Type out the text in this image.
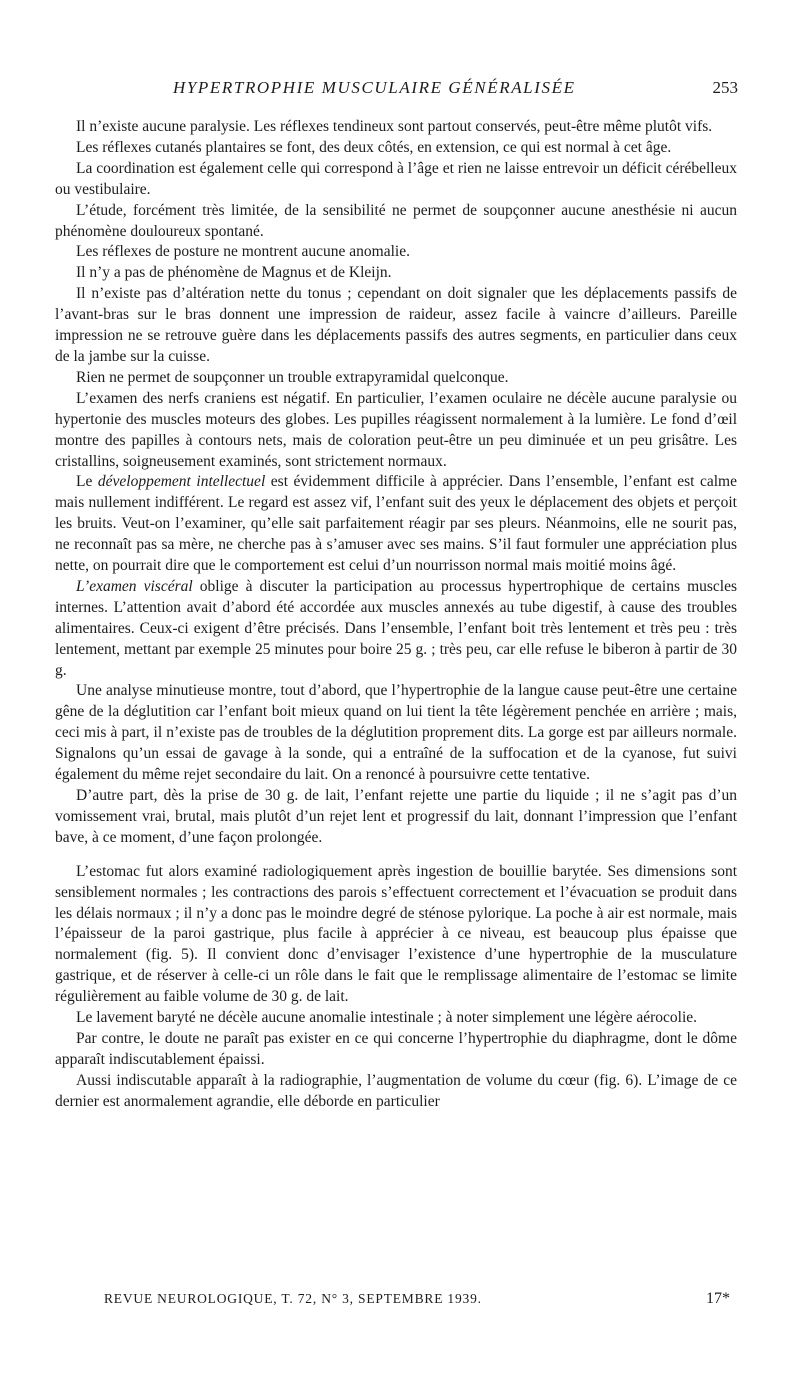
HYPERTROPHIE MUSCULAIRE GÉNÉRALISÉE	253

Il n’existe aucune paralysie. Les réflexes tendineux sont partout conservés, peut-être même plutôt vifs.

Les réflexes cutanés plantaires se font, des deux côtés, en extension, ce qui est normal à cet âge.

La coordination est également celle qui correspond à l’âge et rien ne laisse entrevoir un déficit cérébelleux ou vestibulaire.

L’étude, forcément très limitée, de la sensibilité ne permet de soupçonner aucune anesthésie ni aucun phénomène douloureux spontané.

Les réflexes de posture ne montrent aucune anomalie.

Il n’y a pas de phénomène de Magnus et de Kleijn.

Il n’existe pas d’altération nette du tonus ; cependant on doit signaler que les déplacements passifs de l’avant-bras sur le bras donnent une impression de raideur, assez facile à vaincre d’ailleurs. Pareille impression ne se retrouve guère dans les déplacements passifs des autres segments, en particulier dans ceux de la jambe sur la cuisse.

Rien ne permet de soupçonner un trouble extrapyramidal quelconque.

L’examen des nerfs craniens est négatif. En particulier, l’examen oculaire ne décèle aucune paralysie ou hypertonie des muscles moteurs des globes. Les pupilles réagissent normalement à la lumière. Le fond d’œil montre des papilles à contours nets, mais de coloration peut-être un peu diminuée et un peu grisâtre. Les cristallins, soigneusement examinés, sont strictement normaux.

Le développement intellectuel est évidemment difficile à apprécier. Dans l’ensemble, l’enfant est calme mais nullement indifférent. Le regard est assez vif, l’enfant suit des yeux le déplacement des objets et perçoit les bruits. Veut-on l’examiner, qu’elle sait parfaitement réagir par ses pleurs. Néanmoins, elle ne sourit pas, ne reconnaît pas sa mère, ne cherche pas à s’amuser avec ses mains. S’il faut formuler une appréciation plus nette, on pourrait dire que le comportement est celui d’un nourrisson normal mais moitié moins âgé.

L’examen viscéral oblige à discuter la participation au processus hypertrophique de certains muscles internes. L’attention avait d’abord été accordée aux muscles annexés au tube digestif, à cause des troubles alimentaires. Ceux-ci exigent d’être précisés. Dans l’ensemble, l’enfant boit très lentement et très peu : très lentement, mettant par exemple 25 minutes pour boire 25 g. ; très peu, car elle refuse le biberon à partir de 30 g.

Une analyse minutieuse montre, tout d’abord, que l’hypertrophie de la langue cause peut-être une certaine gêne de la déglutition car l’enfant boit mieux quand on lui tient la tête légèrement penchée en arrière ; mais, ceci mis à part, il n’existe pas de troubles de la déglutition proprement dits. La gorge est par ailleurs normale. Signalons qu’un essai de gavage à la sonde, qui a entraîné de la suffocation et de la cyanose, fut suivi également du même rejet secondaire du lait. On a renoncé à poursuivre cette tentative.

D’autre part, dès la prise de 30 g. de lait, l’enfant rejette une partie du liquide ; il ne s’agit pas d’un vomissement vrai, brutal, mais plutôt d’un rejet lent et progressif du lait, donnant l’impression que l’enfant bave, à ce moment, d’une façon prolongée.

L’estomac fut alors examiné radiologiquement après ingestion de bouillie barytée. Ses dimensions sont sensiblement normales ; les contractions des parois s’effectuent correctement et l’évacuation se produit dans les délais normaux ; il n’y a donc pas le moindre degré de sténose pylorique. La poche à air est normale, mais l’épaisseur de la paroi gastrique, plus facile à apprécier à ce niveau, est beaucoup plus épaisse que normalement (fig. 5). Il convient donc d’envisager l’existence d’une hypertrophie de la musculature gastrique, et de réserver à celle-ci un rôle dans le fait que le remplissage alimentaire de l’estomac se limite régulièrement au faible volume de 30 g. de lait.

Le lavement baryté ne décèle aucune anomalie intestinale ; à noter simplement une légère aérocolie.

Par contre, le doute ne paraît pas exister en ce qui concerne l’hypertrophie du diaphragme, dont le dôme apparaît indiscutablement épaissi.

Aussi indiscutable apparaît à la radiographie, l’augmentation de volume du cœur (fig. 6). L’image de ce dernier est anormalement agrandie, elle déborde en particulier

REVUE NEUROLOGIQUE, T. 72, N° 3, SEPTEMBRE 1939.	17*
